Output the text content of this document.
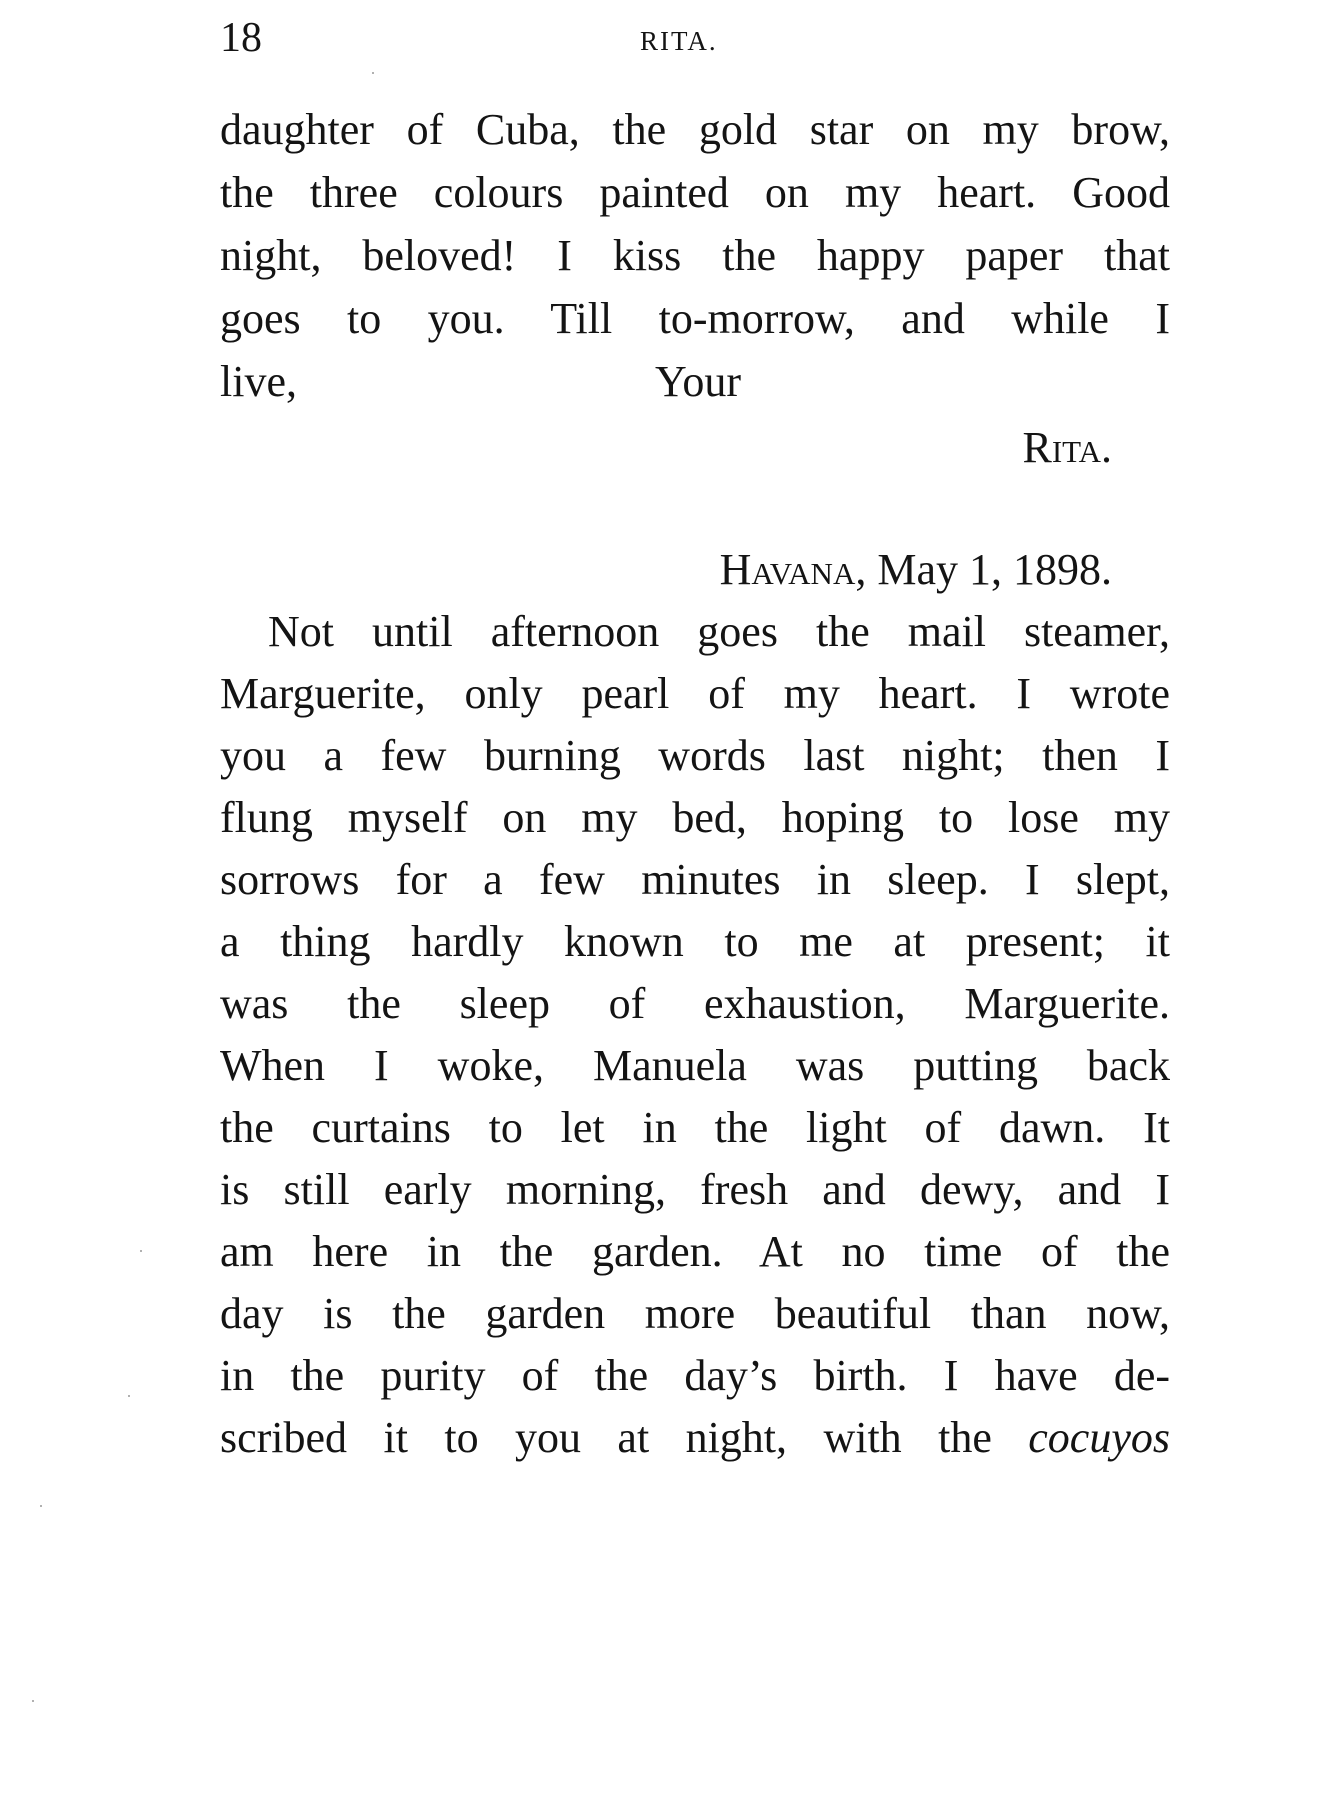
18	RITA.
daughter of Cuba, the gold star on my brow,
the three colours painted on my heart. Good
night, beloved! I kiss the happy paper that
goes to you. Till to-morrow, and while I
live,	Your
Rita.
Havana, May 1, 1898.
Not until afternoon goes the mail steamer,
Marguerite, only pearl of my heart. I wrote
you a few burning words last night; then I
flung myself on my bed, hoping to lose my
sorrows for a few minutes in sleep. I slept,
a thing hardly known to me at present; it
was the sleep of exhaustion, Marguerite.
When I woke, Manuela was putting back
the curtains to let in the light of dawn. It
is still early morning, fresh and dewy, and I
am here in the garden. At no time of the
day is the garden more beautiful than now,
in the purity of the day’s birth. I have de-
scribed it to you at night, with the cocuyos
